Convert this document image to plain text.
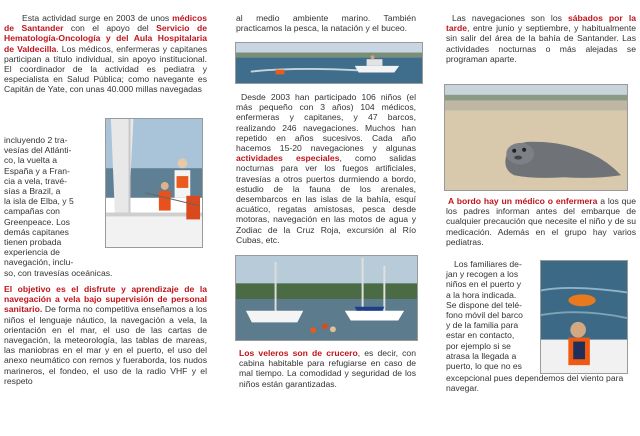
Esta actividad surge en 2003 de unos médicos de Santander con el apoyo del Servicio de Hematología-Oncología y del Aula Hospitalaria de Valdecilla. Los médicos, enfermeras y capitanes participan a título individual, sin apoyo institucional. El coordinador de la actividad es pediatra y especialista en Salud Pública; como navegante es Capitán de Yate, con unas 40.000 millas navegadas

incluyendo 2 tra-
vesías del Atlánti-
co, la vuelta a
España y a Fran-
cia a vela, travé-
sías a Brazil, a
la isla de Elba, y 5
campañas con
Greenpeace. Los
demás capitanes
tienen probada
experiencia de
navegación, inclu-
so, con travesías oceánicas.

El objetivo es el disfrute y aprendizaje de la navegación a vela bajo supervisión de personal sanitario. De forma no competitiva enseñamos a los niños el lenguaje náutico, la navegación a vela, la orientación en el mar, el uso de las cartas de navegación, la meteorología, las tablas de mareas, las maniobras en el mar y en el puerto, el uso del anexo neumático con remos y fueraborda, los nudos marineros, el fondeo, el uso de la radio VHF y el respeto

al medio ambiente marino. También practicamos la pesca, la natación y el buceo.

Desde 2003 han participado 106 niños (el más pequeño con 3 años) 104 médicos, enfermeras y capitanes, y 47 barcos, realizando 246 navegaciones. Muchos han repetido en años sucesivos. Cada año hacemos 15-20 navegaciones y algunas actividades especiales, como salidas nocturnas para ver los fuegos artificiales, travesías a otros puertos durmiendo a bordo, estudio de la fauna de los arenales, desembarcos en las islas de la bahía, esquí acuático, regatas amistosas, pesca desde motoras, navegación en las motos de agua y Zodiac de la Cruz Roja, excursión al Río Cubas, etc.

Los veleros son de crucero, es decir, con cabina habitable para refugiarse en caso de mal tiempo. La comodidad y seguridad de los niños están garantizadas.

Las navegaciones son los sábados por la tarde, entre junio y septiembre, y habitualmente sin salir del área de la bahía de Santander. Las actividades nocturnas o más alejadas se programan aparte.

A bordo hay un médico o enfermera a los que los padres informan antes del embarque de cualquier precaución que necesite el niño y de su medicación. Además en el grupo hay varios pediatras.

Los familiares de-
jan y recogen a los
niños en el puerto y
a la hora indicada.
Se dispone del telé-
fono móvil del barco
y de la familia para
estar en contacto,
por ejemplo si se
atrasa la llegada a
puerto, lo que no es

excepcional pues dependemos del viento para navegar.
